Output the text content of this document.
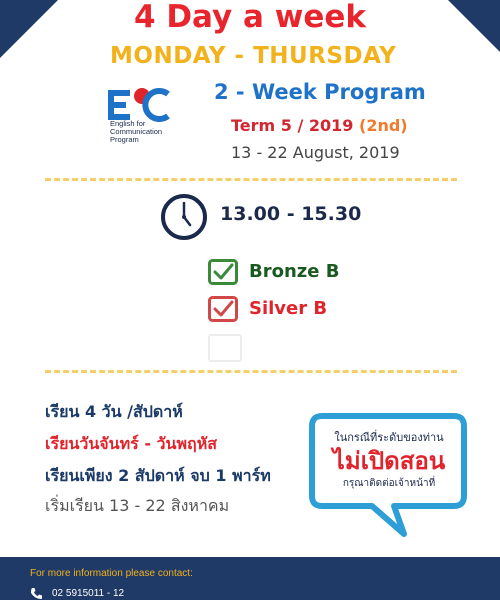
4 Day a week
MONDAY - THURSDAY
English for
Communication
Program
2 - Week Program
Term 5 / 2019 (2nd)
13 - 22 August, 2019
13.00 - 15.30
Bronze B
Silver B
เรียน 4 วัน /สัปดาห์
เรียนวันจันทร์ - วันพฤหัส
เรียนเพียง 2 สัปดาห์ จบ 1 พาร์ท
เริ่มเรียน 13 - 22 สิงหาคม
ในกรณีที่ระดับของท่าน
ไม่เปิดสอน
กรุณาติดต่อเจ้าหน้าที่
For more information please contact:
02 5915011 - 12
